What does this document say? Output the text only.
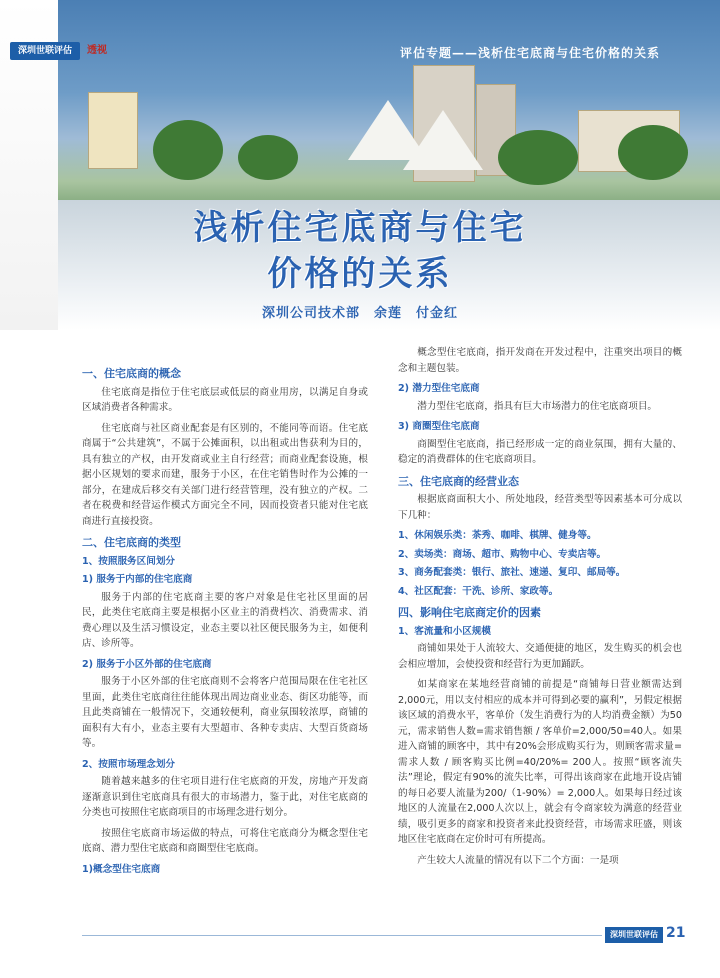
深圳世联评估	透视	评估专题——浅析住宅底商与住宅价格的关系
浅析住宅底商与住宅
价格的关系
深圳公司技术部　余莲　付金红
一、住宅底商的概念

住宅底商是指位于住宅底层或低层的商业用房，以满足自身或区域消费者各种需求。

住宅底商与社区商业配套是有区别的，不能同等而语。住宅底商属于“公共建筑”，不属于公摊面积，以出租或出售获利为目的，具有独立的产权，由开发商或业主自行经营；而商业配套设施，根据小区规划的要求而建，服务于小区，在住宅销售时作为公摊的一部分，在建成后移交有关部门进行经营管理，没有独立的产权。二者在税费和经营运作模式方面完全不同，因而投资者只能对住宅底商进行直接投资。

二、住宅底商的类型
1、按照服务区间划分
1) 服务于内部的住宅底商

服务于内部的住宅底商主要的客户对象是住宅社区里面的居民，此类住宅底商主要是根据小区业主的消费档次、消费需求、消费心理以及生活习惯设定，业态主要以社区便民服务为主，如便利店、诊所等。

2) 服务于小区外部的住宅底商

服务于小区外部的住宅底商则不会将客户范围局限在住宅社区里面，此类住宅底商往往能体现出周边商业业态、街区功能等，而且此类商铺在一般情况下，交通较便利，商业氛围较浓厚，商铺的面积有大有小，业态主要有大型超市、各种专卖店、大型百货商场等。

2、按照市场理念划分

随着越来越多的住宅项目进行住宅底商的开发，房地产开发商逐渐意识到住宅底商具有很大的市场潜力，鉴于此，对住宅底商的分类也可按照住宅底商项目的市场理念进行划分。

按照住宅底商市场运做的特点，可将住宅底商分为概念型住宅底商、潜力型住宅底商和商圈型住宅底商。

1)概念型住宅底商

概念型住宅底商，指开发商在开发过程中，注重突出项目的概念和主题包装。

2) 潜力型住宅底商

潜力型住宅底商，指具有巨大市场潜力的住宅底商项目。

3) 商圈型住宅底商

商圈型住宅底商，指已经形成一定的商业氛围，拥有大量的、稳定的消费群体的住宅底商项目。

三、住宅底商的经营业态

根据底商面积大小、所处地段，经营类型等因素基本可分成以下几种：

1、休闲娱乐类：茶秀、咖啡、棋牌、健身等。
2、卖场类：商场、超市、购物中心、专卖店等。
3、商务配套类：银行、旅社、速递、复印、邮局等。
4、社区配套：干洗、诊所、家政等。
四、影响住宅底商定价的因素
1、客流量和小区规模

商铺如果处于人流较大、交通便捷的地区，发生购买的机会也会相应增加，会使投资和经营行为更加踊跃。

如某商家在某地经营商铺的前提是“商铺每日营业额需达到 2,000元，用以支付相应的成本并可得到必要的赢利”，另假定根据该区域的消费水平，客单价（发生消费行为的人均消费金额）为50元，需求销售人数=需求销售额 / 客单价=2,000/50=40人。如果进入商铺的顾客中，其中有20%会形成购买行为，则顾客需求量=需求人数 / 顾客购买比例=40/20%= 200人。按照“顾客流失法”理论，假定有90%的流失比率，可得出该商家在此地开设店铺的每日必要人流量为200/（1-90%）= 2,000人。如果每日经过该地区的人流量在2,000人次以上，就会有令商家较为满意的经营业绩，吸引更多的商家和投资者来此投资经营，市场需求旺盛，则该地区住宅底商在定价时可有所提高。

产生较大人流量的情况有以下二个方面：一是项

深圳世联评估 21
